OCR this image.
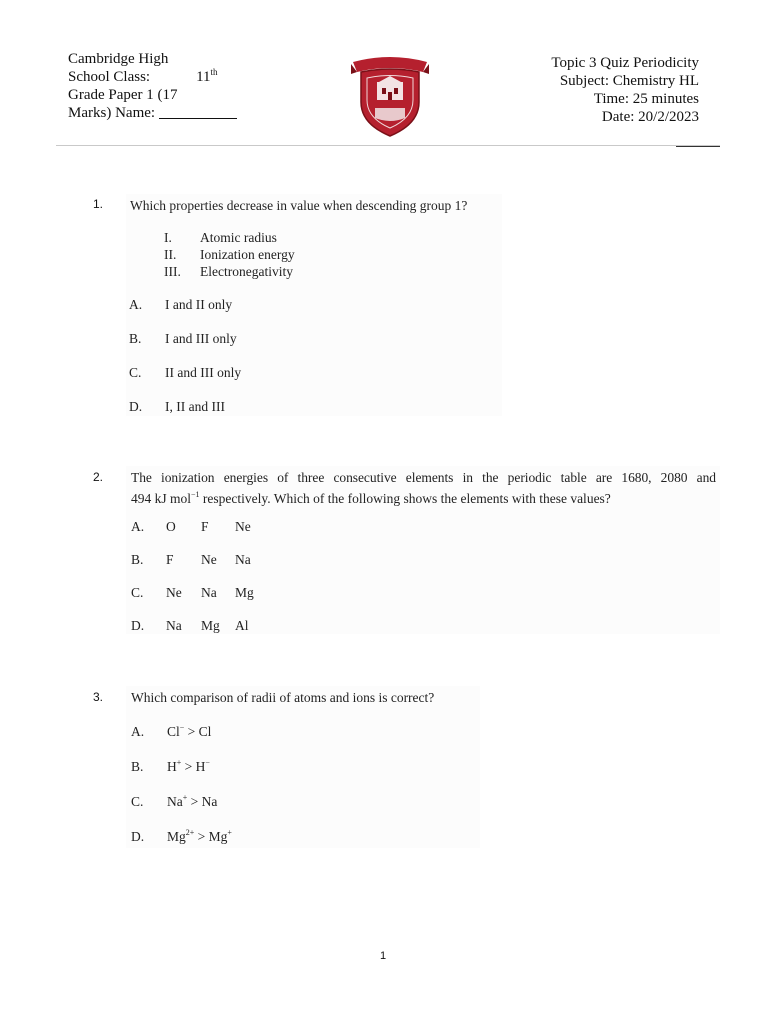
Cambridge High
School Class:	11th
Grade Paper 1 (17
Marks) Name:
Topic 3 Quiz Periodicity
Subject: Chemistry HL
Time: 25 minutes
Date: 20/2/2023
1. Which properties decrease in value when descending group 1?
I. Atomic radius
II. Ionization energy
III. Electronegativity
A. I and II only
B. I and III only
C. II and III only
D. I, II and III
2. The ionization energies of three consecutive elements in the periodic table are 1680, 2080 and
494 kJ mol$^{-1}$ respectively. Which of the following shows the elements with these values?
A. O F Ne
B. F Ne Na
C. Ne Na Mg
D. Na Mg Al
3. Which comparison of radii of atoms and ions is correct?
A. Cl− > Cl
B. H+ > H−
C. Na+ > Na
D. $Mg^{2+} > Mg^+$
1
